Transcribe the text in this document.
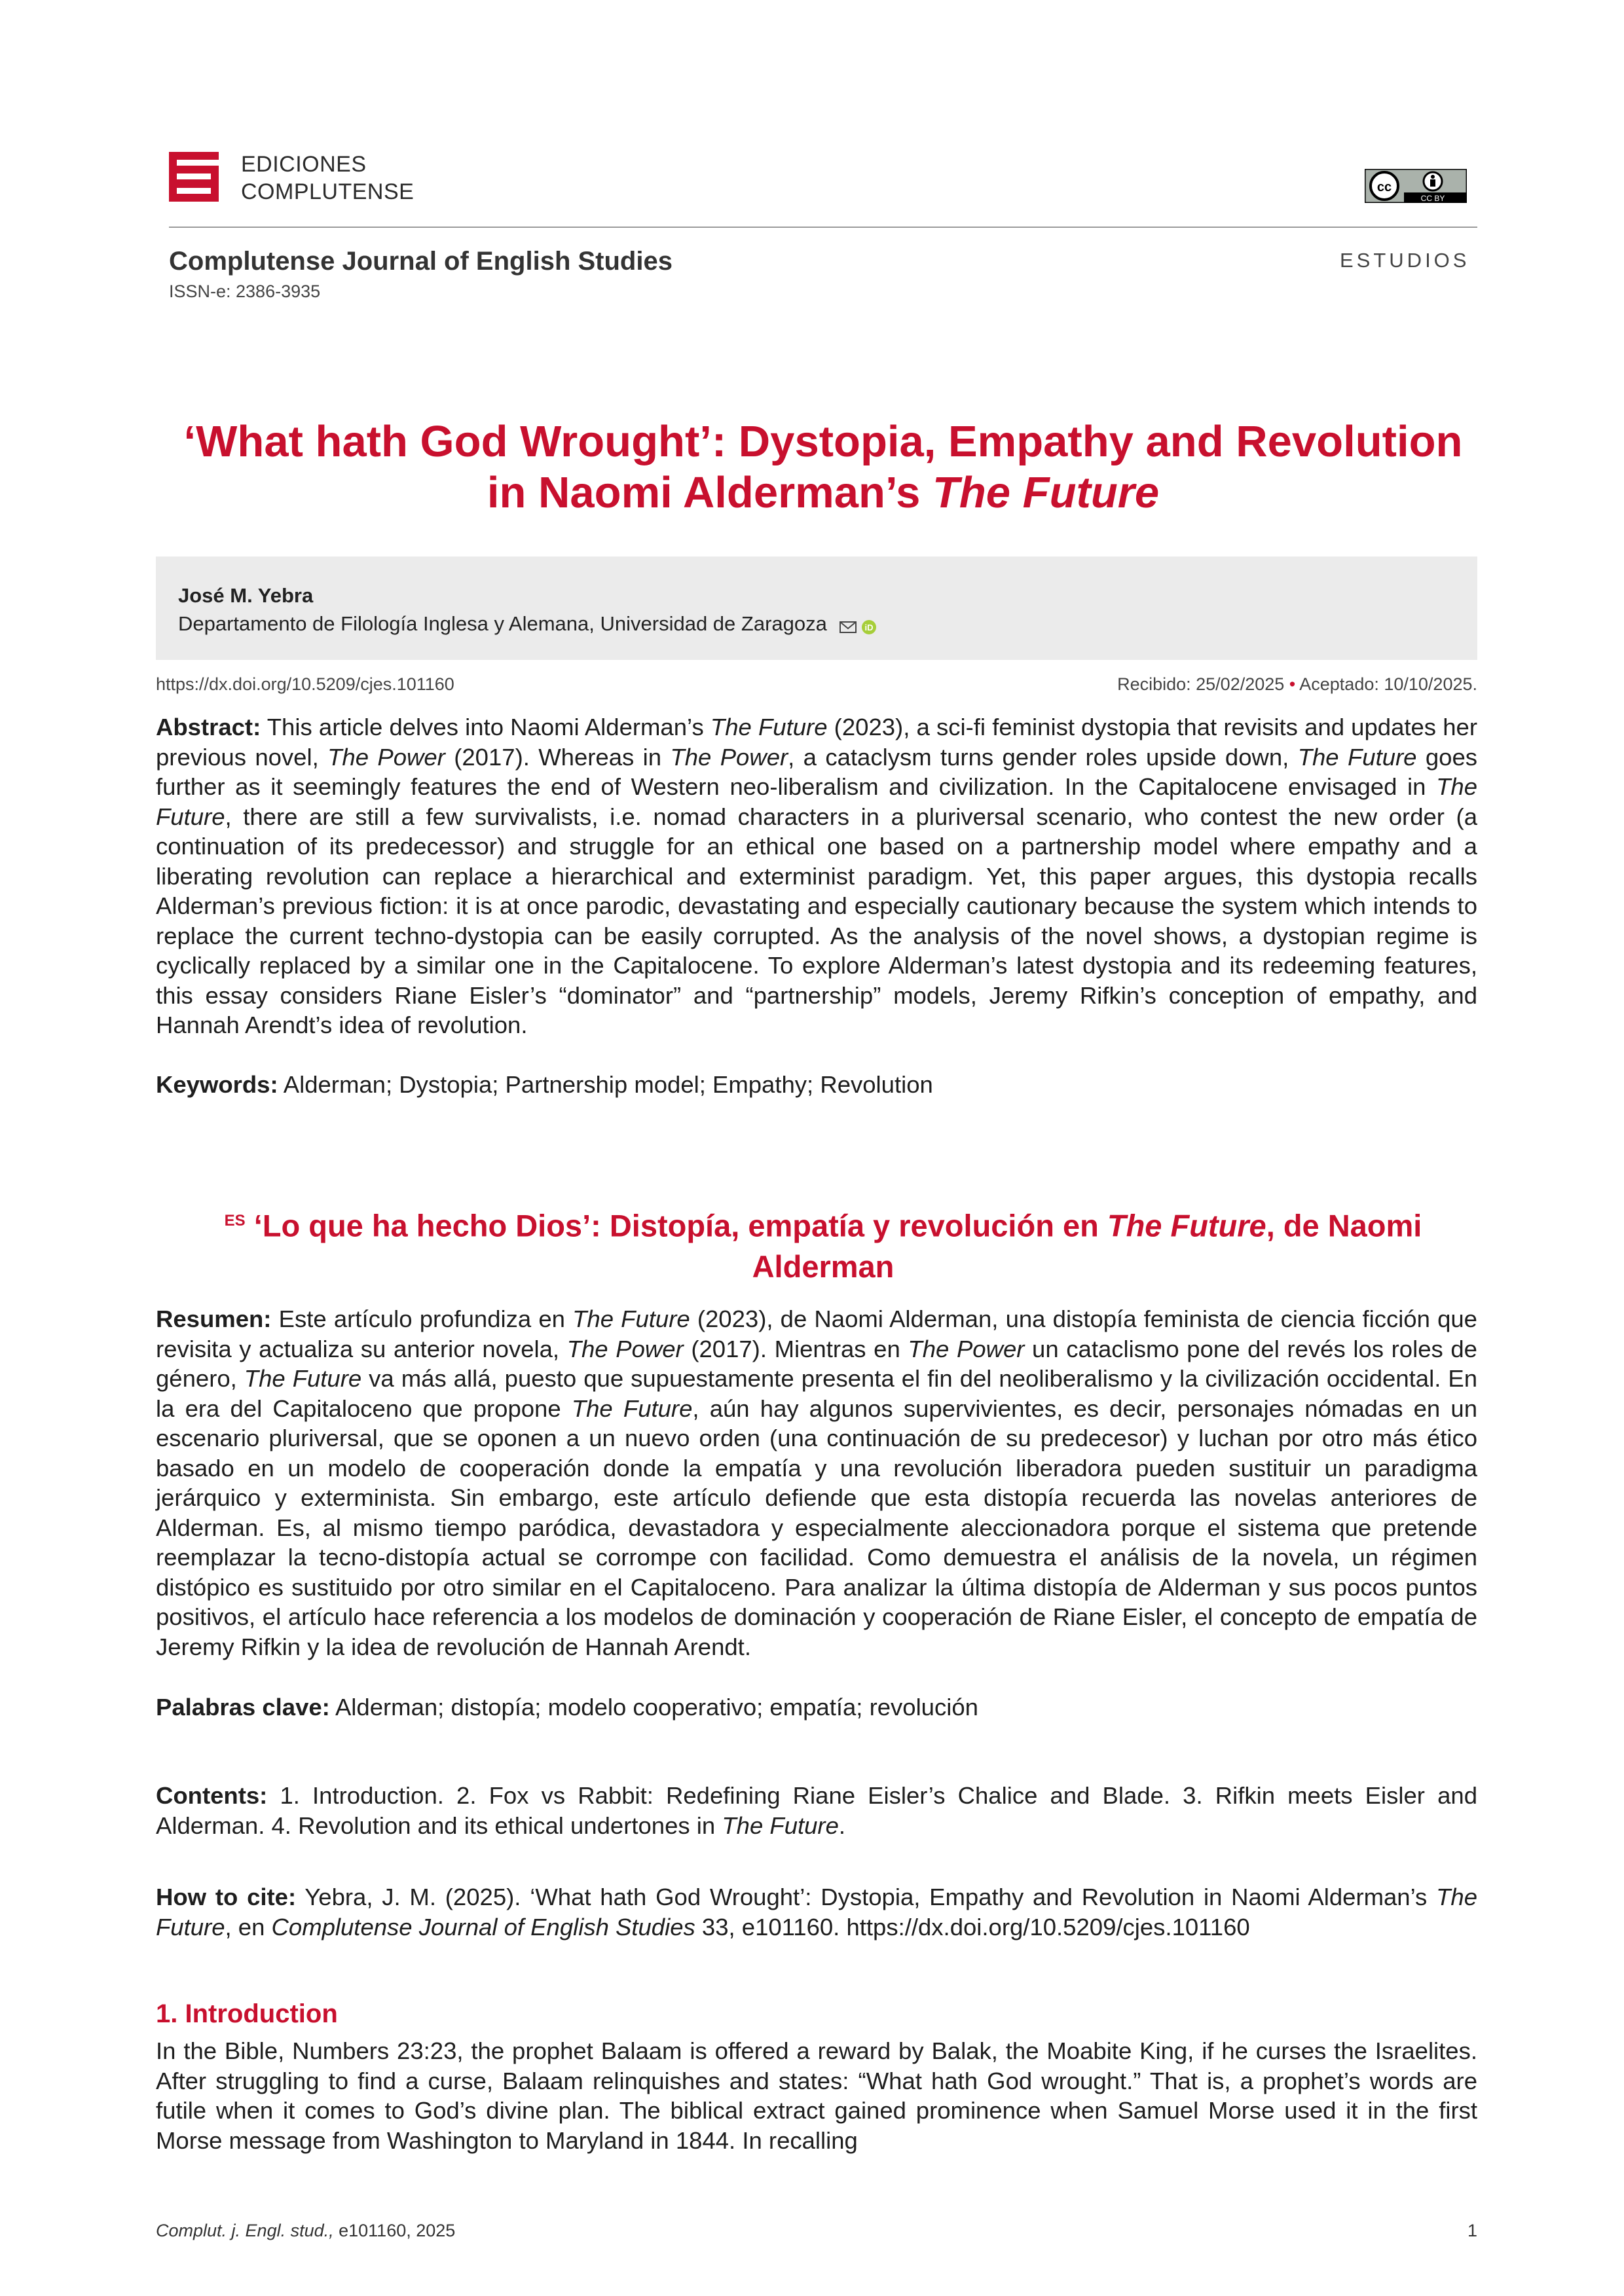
EDICIONES
COMPLUTENSE	cc
CC BY
Complutense Journal of English Studies
ISSN-e: 2386-3935
ESTUDIOS
‘What hath God Wrought’: Dystopia, Empathy and Revolution in Naomi Alderman’s The Future
José M. Yebra
Departamento de Filología Inglesa y Alemana, Universidad de Zaragoza	iD
https://dx.doi.org/10.5209/cjes.101160	Recibido: 25/02/2025 • Aceptado: 10/10/2025.
Abstract: This article delves into Naomi Alderman’s The Future (2023), a sci-fi feminist dystopia that revisits and updates her previous novel, The Power (2017). Whereas in The Power, a cataclysm turns gender roles upside down, The Future goes further as it seemingly features the end of Western neo-liberalism and civilization. In the Capitalocene envisaged in The Future, there are still a few survivalists, i.e. nomad characters in a pluriversal scenario, who contest the new order (a continuation of its predecessor) and struggle for an ethical one based on a partnership model where empathy and a liberating revolution can replace a hierarchical and exterminist paradigm. Yet, this paper argues, this dystopia recalls Alderman’s previous fiction: it is at once parodic, devastating and especially cautionary because the system which intends to replace the current techno-dystopia can be easily corrupted. As the analysis of the novel shows, a dystopian regime is cyclically replaced by a similar one in the Capitalocene. To explore Alderman’s latest dystopia and its redeeming features, this essay considers Riane Eisler’s “dominator” and “partnership” models, Jeremy Rifkin’s conception of empathy, and Hannah Arendt’s idea of revolution.
Keywords: Alderman; Dystopia; Partnership model; Empathy; Revolution
$^{ES}$ ‘Lo que ha hecho Dios’: Distopía, empatía y revolución en The Future, de Naomi Alderman
Resumen: Este artículo profundiza en The Future (2023), de Naomi Alderman, una distopía feminista de ciencia ficción que revisita y actualiza su anterior novela, The Power (2017). Mientras en The Power un cataclismo pone del revés los roles de género, The Future va más allá, puesto que supuestamente presenta el fin del neoliberalismo y la civilización occidental. En la era del Capitaloceno que propone The Future, aún hay algunos supervivientes, es decir, personajes nómadas en un escenario pluriversal, que se oponen a un nuevo orden (una continuación de su predecesor) y luchan por otro más ético basado en un modelo de cooperación donde la empatía y una revolución liberadora pueden sustituir un paradigma jerárquico y exterminista. Sin embargo, este artículo defiende que esta distopía recuerda las novelas anteriores de Alderman. Es, al mismo tiempo paródica, devastadora y especialmente aleccionadora porque el sistema que pretende reemplazar la tecno-distopía actual se corrompe con facilidad. Como demuestra el análisis de la novela, un régimen distópico es sustituido por otro similar en el Capitaloceno. Para analizar la última distopía de Alderman y sus pocos puntos positivos, el artículo hace referencia a los modelos de dominación y cooperación de Riane Eisler, el concepto de empatía de Jeremy Rifkin y la idea de revolución de Hannah Arendt.
Palabras clave: Alderman; distopía; modelo cooperativo; empatía; revolución
Contents: 1. Introduction. 2. Fox vs Rabbit: Redefining Riane Eisler’s Chalice and Blade. 3. Rifkin meets Eisler and Alderman. 4. Revolution and its ethical undertones in The Future.
How to cite: Yebra, J. M. (2025). ‘What hath God Wrought’: Dystopia, Empathy and Revolution in Naomi Alderman’s The Future, en Complutense Journal of English Studies 33, e101160. https://dx.doi.org/10.5209/cjes.101160
1. Introduction
In the Bible, Numbers 23:23, the prophet Balaam is offered a reward by Balak, the Moabite King, if he curses the Israelites. After struggling to find a curse, Balaam relinquishes and states: “What hath God wrought.” That is, a prophet’s words are futile when it comes to God’s divine plan. The biblical extract gained prominence when Samuel Morse used it in the first Morse message from Washington to Maryland in 1844. In recalling
Complut. j. Engl. stud., e101160, 2025	1
